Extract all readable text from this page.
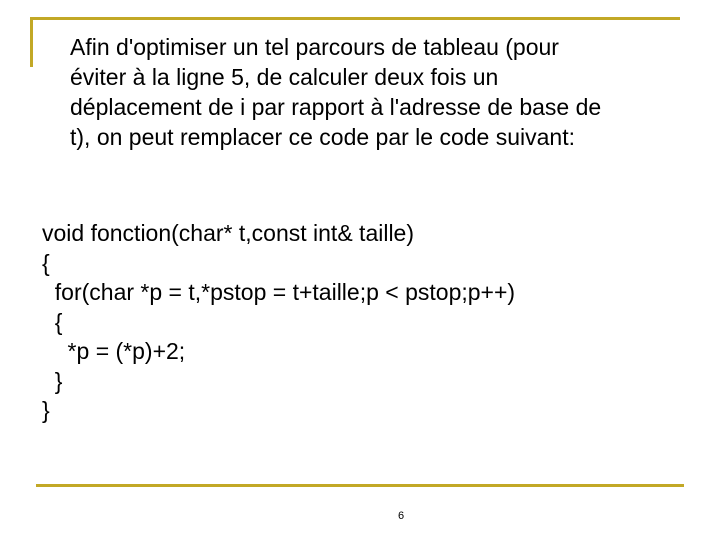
Afin d'optimiser un tel parcours de tableau (pour
éviter à la ligne 5, de calculer deux fois un
déplacement de i par rapport à l'adresse de base de
t), on peut remplacer ce code par le code suivant:
void fonction(char* t,const int& taille)
{
for(char *p = t,*pstop = t+taille;p < pstop;p++)
{
*p = (*p)+2;
}
}
6
